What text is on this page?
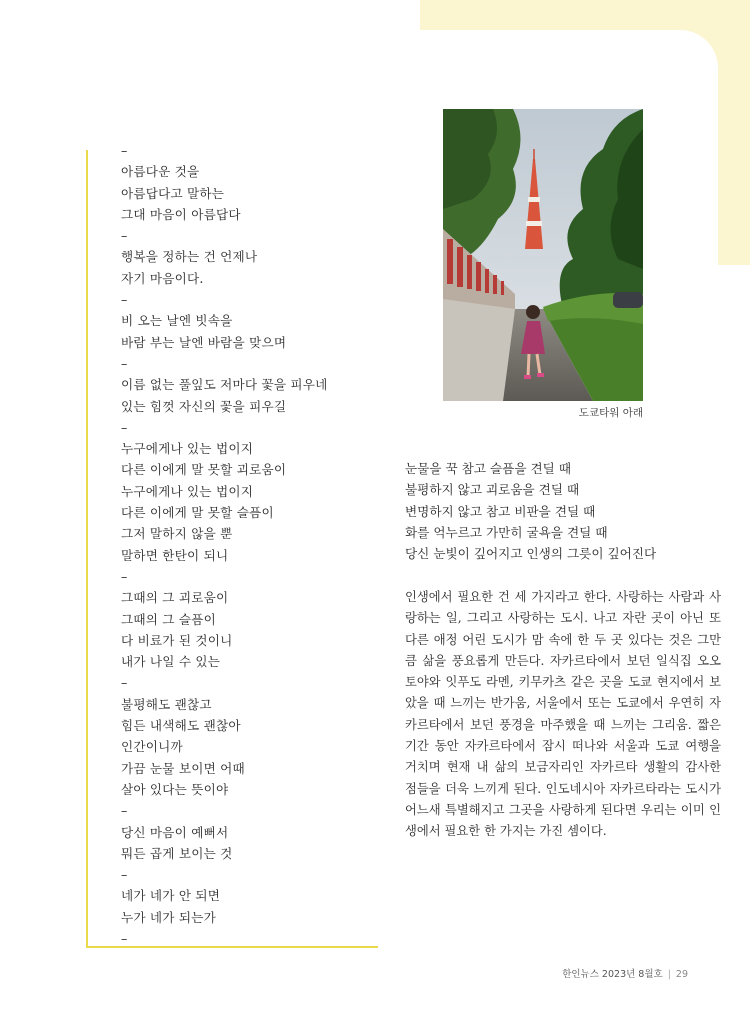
–
아름다운 것을
아름답다고 말하는
그대 마음이 아름답다
–
행복을 정하는 건 언제나
자기 마음이다.
–
비 오는 날엔 빗속을
바람 부는 날엔 바람을 맞으며
–
이름 없는 풀잎도 저마다 꽃을 피우네
있는 힘껏 자신의 꽃을 피우길
–
누구에게나 있는 법이지
다른 이에게 말 못할 괴로움이
누구에게나 있는 법이지
다른 이에게 말 못할 슬픔이
그저 말하지 않을 뿐
말하면 한탄이 되니
–
그때의 그 괴로움이
그때의 그 슬픔이
다 비료가 된 것이니
내가 나일 수 있는
–
불평해도 괜찮고
힘든 내색해도 괜찮아
인간이니까
가끔 눈물 보이면 어때
살아 있다는 뜻이야
–
당신 마음이 예뻐서
뭐든 곱게 보이는 것
–
네가 네가 안 되면
누가 네가 되는가
–
도쿄타워 아래
눈물을 꾹 참고 슬픔을 견딜 때
불평하지 않고 괴로움을 견딜 때
변명하지 않고 참고 비판을 견딜 때
화를 억누르고 가만히 굴욕을 견딜 때
당신 눈빛이 깊어지고 인생의 그릇이 깊어진다

인생에서 필요한 건 세 가지라고 한다. 사랑하는 사람과 사랑하는 일, 그리고 사랑하는 도시. 나고 자란 곳이 아닌 또 다른 애정 어린 도시가 맘 속에 한 두 곳 있다는 것은 그만큼 삶을 풍요롭게 만든다. 자카르타에서 보던 일식집 오오토야와 잇푸도 라멘, 키무카츠 같은 곳을 도쿄 현지에서 보았을 때 느끼는 반가움, 서울에서 또는 도쿄에서 우연히 자카르타에서 보던 풍경을 마주했을 때 느끼는 그리움. 짧은 기간 동안 자카르타에서 잠시 떠나와 서울과 도쿄 여행을 거치며 현재 내 삶의 보금자리인 자카르타 생활의 감사한 점들을 더욱 느끼게 된다. 인도네시아 자카르타라는 도시가 어느새 특별해지고 그곳을 사랑하게 된다면 우리는 이미 인생에서 필요한 한 가지는 가진 셈이다.

한인뉴스 2023년 8월호 | 29
